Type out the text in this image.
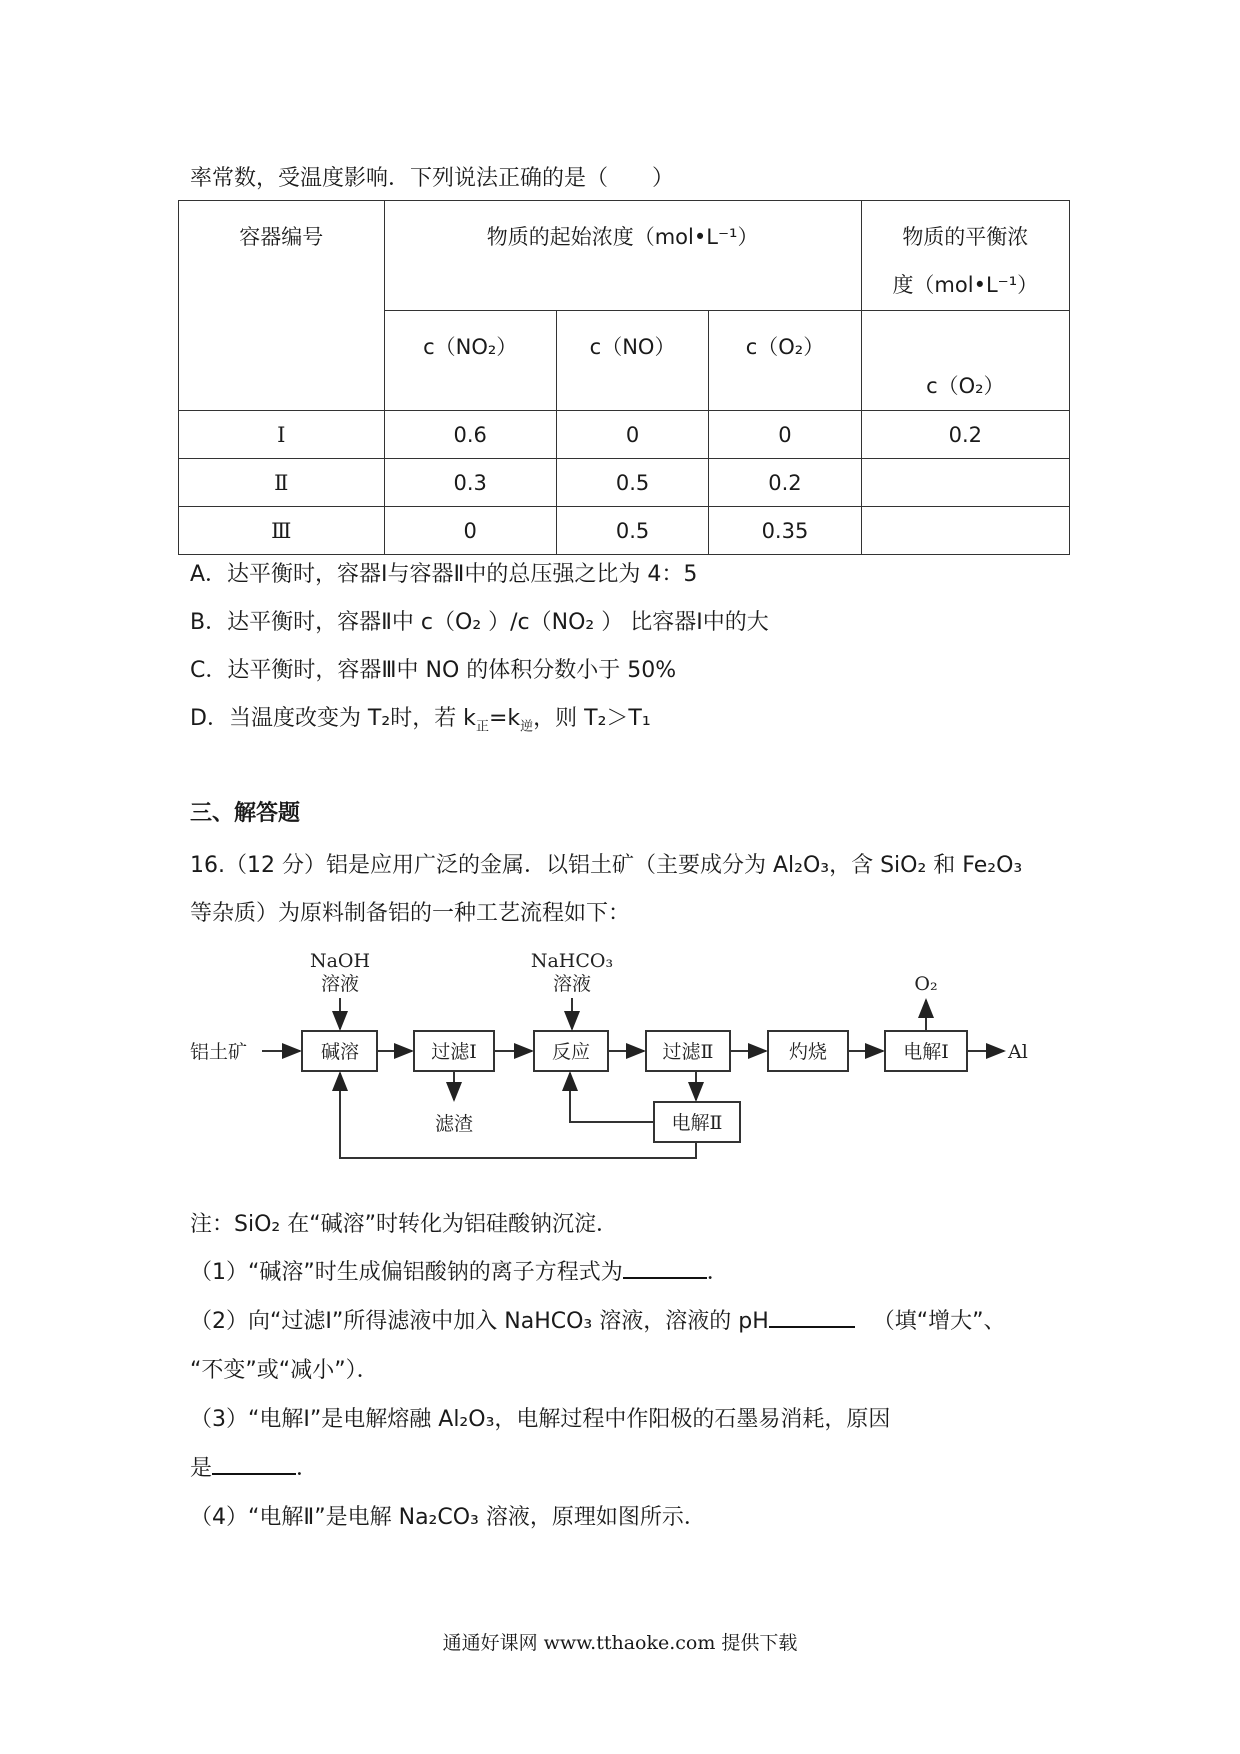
率常数，受温度影响．下列说法正确的是（　　）
容器编号	物质的起始浓度（mol•L⁻¹）			物质的平衡浓
度（mol•L⁻¹）

	c（NO₂）	c（NO）	c（O₂）	c（O₂）
Ⅰ	0.6	0	0	0.2
Ⅱ	0.3	0.5	0.2	
Ⅲ	0	0.5	0.35	
A．达平衡时，容器Ⅰ与容器Ⅱ中的总压强之比为 4：5
B．达平衡时，容器Ⅱ中 c（O₂ ）/c（NO₂ ） 比容器Ⅰ中的大
C．达平衡时，容器Ⅲ中 NO 的体积分数小于 50%
D．当温度改变为 T₂时，若 $k_正=k_逆$，则 T₂＞T₁
三、解答题
16.（12 分）铝是应用广泛的金属．以铝土矿（主要成分为 Al₂O₃，含 SiO₂ 和 Fe₂O₃
等杂质）为原料制备铝的一种工艺流程如下：
NaOH
溶液
NaHCO₃
溶液	O₂
铝土矿	碱溶	过滤Ⅰ	反应	过滤Ⅱ	灼烧	电解Ⅰ
电解Ⅱ
滤渣
Al
注：SiO₂ 在“碱溶”时转化为铝硅酸钠沉淀．
（1）“碱溶”时生成偏铝酸钠的离子方程式为	．
（2）向“过滤Ⅰ”所得滤液中加入 NaHCO₃ 溶液，溶液的 pH	（填“增大”、
“不变”或“减小”）．
（3）“电解Ⅰ”是电解熔融 Al₂O₃，电解过程中作阳极的石墨易消耗，原因
是	．
（4）“电解Ⅱ”是电解 Na₂CO₃ 溶液，原理如图所示．
通通好课网 www.tthaoke.com 提供下载
